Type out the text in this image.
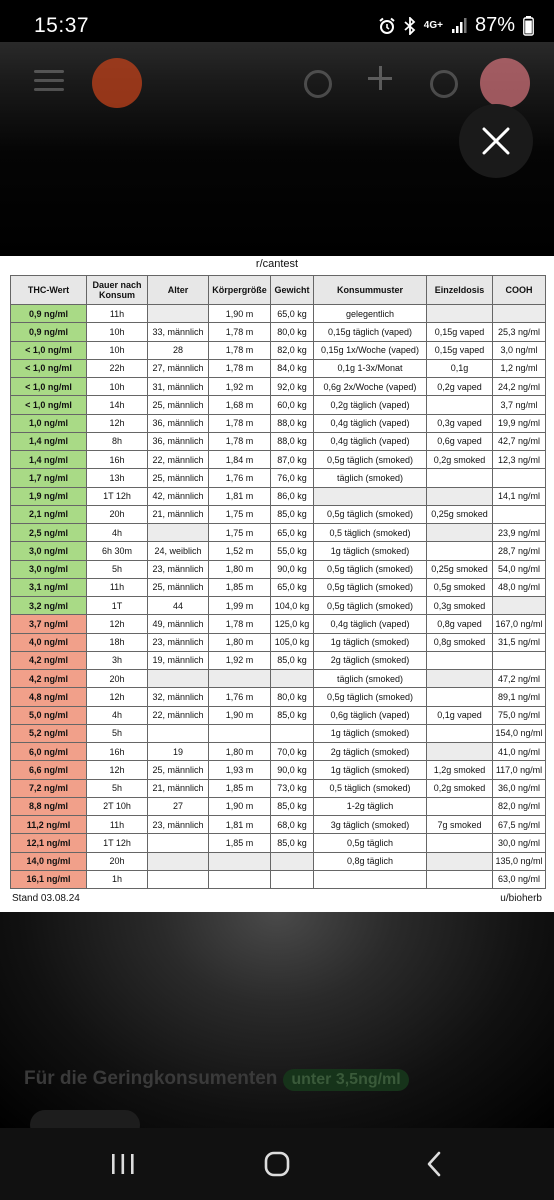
15:37	4G+ 87%
r/cantest
THC-Wert	Dauer nach Konsum	Alter	Körpergröße	Gewicht	Konsummuster	Einzeldosis	COOH
0,9 ng/ml	11h		1,90 m	65,0 kg	gelegentlich		
0,9 ng/ml	10h	33, männlich	1,78 m	80,0 kg	0,15g täglich (vaped)	0,15g vaped	25,3 ng/ml
< 1,0 ng/ml	10h	28	1,78 m	82,0 kg	0,15g 1x/Woche (vaped)	0,15g vaped	3,0 ng/ml
< 1,0 ng/ml	22h	27, männlich	1,78 m	84,0 kg	0,1g 1-3x/Monat	0,1g	1,2 ng/ml
< 1,0 ng/ml	10h	31, männlich	1,92 m	92,0 kg	0,6g 2x/Woche (vaped)	0,2g vaped	24,2 ng/ml
< 1,0 ng/ml	14h	25, männlich	1,68 m	60,0 kg	0,2g täglich (vaped)		3,7 ng/ml
1,0 ng/ml	12h	36, männlich	1,78 m	88,0 kg	0,4g täglich (vaped)	0,3g vaped	19,9 ng/ml
1,4 ng/ml	8h	36, männlich	1,78 m	88,0 kg	0,4g täglich (vaped)	0,6g vaped	42,7 ng/ml
1,4 ng/ml	16h	22, männlich	1,84 m	87,0 kg	0,5g täglich (smoked)	0,2g smoked	12,3 ng/ml
1,7 ng/ml	13h	25, männlich	1,76 m	76,0 kg	täglich (smoked)		
1,9 ng/ml	1T 12h	42, männlich	1,81 m	86,0 kg			14,1 ng/ml
2,1 ng/ml	20h	21, männlich	1,75 m	85,0 kg	0,5g täglich (smoked)	0,25g smoked	
2,5 ng/ml	4h		1,75 m	65,0 kg	0,5 täglich (smoked)		23,9 ng/ml
3,0 ng/ml	6h 30m	24, weiblich	1,52 m	55,0 kg	1g täglich (smoked)		28,7 ng/ml
3,0 ng/ml	5h	23, männlich	1,80 m	90,0 kg	0,5g täglich (smoked)	0,25g smoked	54,0 ng/ml
3,1 ng/ml	11h	25, männlich	1,85 m	65,0 kg	0,5g täglich (smoked)	0,5g smoked	48,0 ng/ml
3,2 ng/ml	1T	44	1,99 m	104,0 kg	0,5g täglich (smoked)	0,3g smoked	
3,7 ng/ml	12h	49, männlich	1,78 m	125,0 kg	0,4g täglich (vaped)	0,8g vaped	167,0 ng/ml
4,0 ng/ml	18h	23, männlich	1,80 m	105,0 kg	1g täglich (smoked)	0,8g smoked	31,5 ng/ml
4,2 ng/ml	3h	19, männlich	1,92 m	85,0 kg	2g täglich (smoked)		
4,2 ng/ml	20h				täglich (smoked)		47,2 ng/ml
4,8 ng/ml	12h	32, männlich	1,76 m	80,0 kg	0,5g täglich (smoked)		89,1 ng/ml
5,0 ng/ml	4h	22, männlich	1,90 m	85,0 kg	0,6g täglich (vaped)	0,1g vaped	75,0 ng/ml
5,2 ng/ml	5h				1g täglich (smoked)		154,0 ng/ml
6,0 ng/ml	16h	19	1,80 m	70,0 kg	2g täglich (smoked)		41,0 ng/ml
6,6 ng/ml	12h	25, männlich	1,93 m	90,0 kg	1g täglich (smoked)	1,2g smoked	117,0 ng/ml
7,2 ng/ml	5h	21, männlich	1,85 m	73,0 kg	0,5 täglich (smoked)	0,2g smoked	36,0 ng/ml
8,8 ng/ml	2T 10h	27	1,90 m	85,0 kg	1-2g täglich		82,0 ng/ml
11,2 ng/ml	11h	23, männlich	1,81 m	68,0 kg	3g täglich (smoked)	7g smoked	67,5 ng/ml
12,1 ng/ml	1T 12h		1,85 m	85,0 kg	0,5g täglich		30,0 ng/ml
14,0 ng/ml	20h				0,8g täglich		135,0 ng/ml
16,1 ng/ml	1h						63,0 ng/ml
Stand 03.08.24	u/bioherb
Für die Geringkonsumenten unter 3,5ng/ml
